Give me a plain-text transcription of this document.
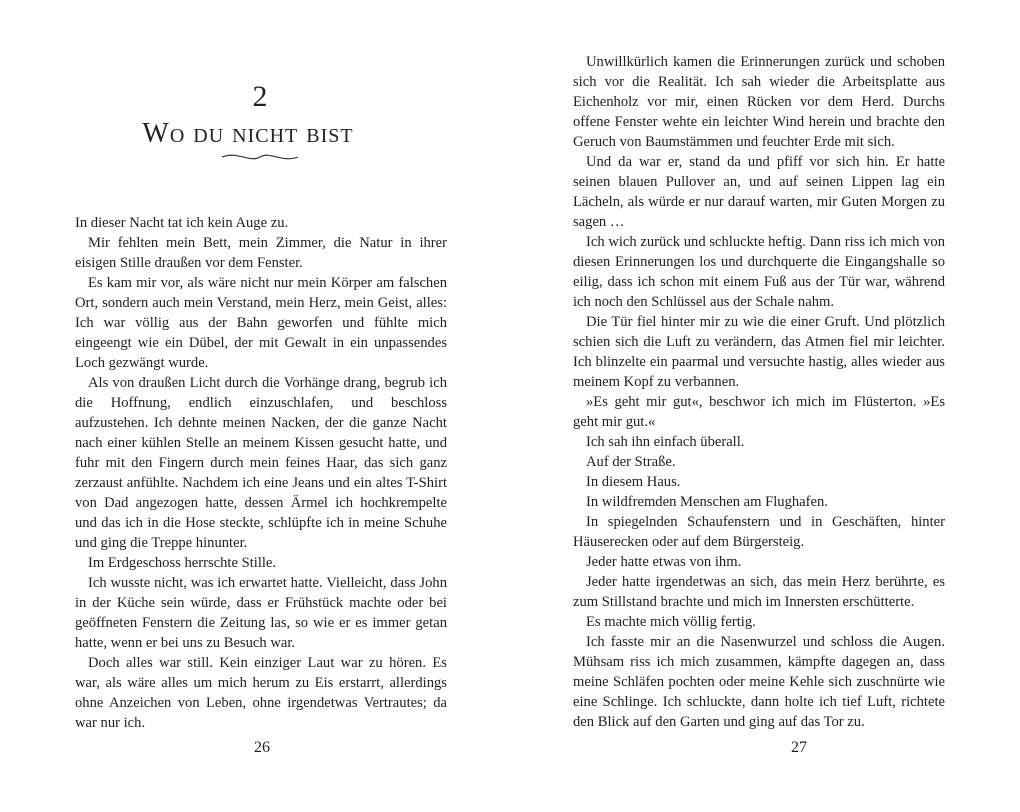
2
Wo du nicht bist

In dieser Nacht tat ich kein Auge zu.

Mir fehlten mein Bett, mein Zimmer, die Natur in ihrer eisigen Stille draußen vor dem Fenster.

Es kam mir vor, als wäre nicht nur mein Körper am falschen Ort, sondern auch mein Verstand, mein Herz, mein Geist, alles: Ich war völlig aus der Bahn geworfen und fühlte mich eingeengt wie ein Dübel, der mit Gewalt in ein unpassendes Loch gezwängt wurde.

Als von draußen Licht durch die Vorhänge drang, begrub ich die Hoffnung, endlich einzuschlafen, und beschloss aufzustehen. Ich dehnte meinen Nacken, der die ganze Nacht nach einer kühlen Stelle an meinem Kissen gesucht hatte, und fuhr mit den Fingern durch mein feines Haar, das sich ganz zerzaust anfühlte. Nachdem ich eine Jeans und ein altes T-Shirt von Dad angezogen hatte, dessen Ärmel ich hochkrempelte und das ich in die Hose steckte, schlüpfte ich in meine Schuhe und ging die Treppe hinunter.

Im Erdgeschoss herrschte Stille.

Ich wusste nicht, was ich erwartet hatte. Vielleicht, dass John in der Küche sein würde, dass er Frühstück machte oder bei geöffneten Fenstern die Zeitung las, so wie er es immer getan hatte, wenn er bei uns zu Besuch war.

Doch alles war still. Kein einziger Laut war zu hören. Es war, als wäre alles um mich herum zu Eis erstarrt, allerdings ohne Anzeichen von Leben, ohne irgendetwas Vertrautes; da war nur ich.

26

Unwillkürlich kamen die Erinnerungen zurück und schoben sich vor die Realität. Ich sah wieder die Arbeitsplatte aus Eichenholz vor mir, einen Rücken vor dem Herd. Durchs offene Fenster wehte ein leichter Wind herein und brachte den Geruch von Baumstämmen und feuchter Erde mit sich.

Und da war er, stand da und pfiff vor sich hin. Er hatte seinen blauen Pullover an, und auf seinen Lippen lag ein Lächeln, als würde er nur darauf warten, mir Guten Morgen zu sagen …

Ich wich zurück und schluckte heftig. Dann riss ich mich von diesen Erinnerungen los und durchquerte die Eingangshalle so eilig, dass ich schon mit einem Fuß aus der Tür war, während ich noch den Schlüssel aus der Schale nahm.

Die Tür fiel hinter mir zu wie die einer Gruft. Und plötzlich schien sich die Luft zu verändern, das Atmen fiel mir leichter. Ich blinzelte ein paarmal und versuchte hastig, alles wieder aus meinem Kopf zu verbannen.

»Es geht mir gut«, beschwor ich mich im Flüsterton. »Es geht mir gut.«

Ich sah ihn einfach überall.

Auf der Straße.

In diesem Haus.

In wildfremden Menschen am Flughafen.

In spiegelnden Schaufenstern und in Geschäften, hinter Häuserecken oder auf dem Bürgersteig.

Jeder hatte etwas von ihm.

Jeder hatte irgendetwas an sich, das mein Herz berührte, es zum Stillstand brachte und mich im Innersten erschütterte.

Es machte mich völlig fertig.

Ich fasste mir an die Nasenwurzel und schloss die Augen. Mühsam riss ich mich zusammen, kämpfte dagegen an, dass meine Schläfen pochten oder meine Kehle sich zuschnürte wie eine Schlinge. Ich schluckte, dann holte ich tief Luft, richtete den Blick auf den Garten und ging auf das Tor zu.

27
